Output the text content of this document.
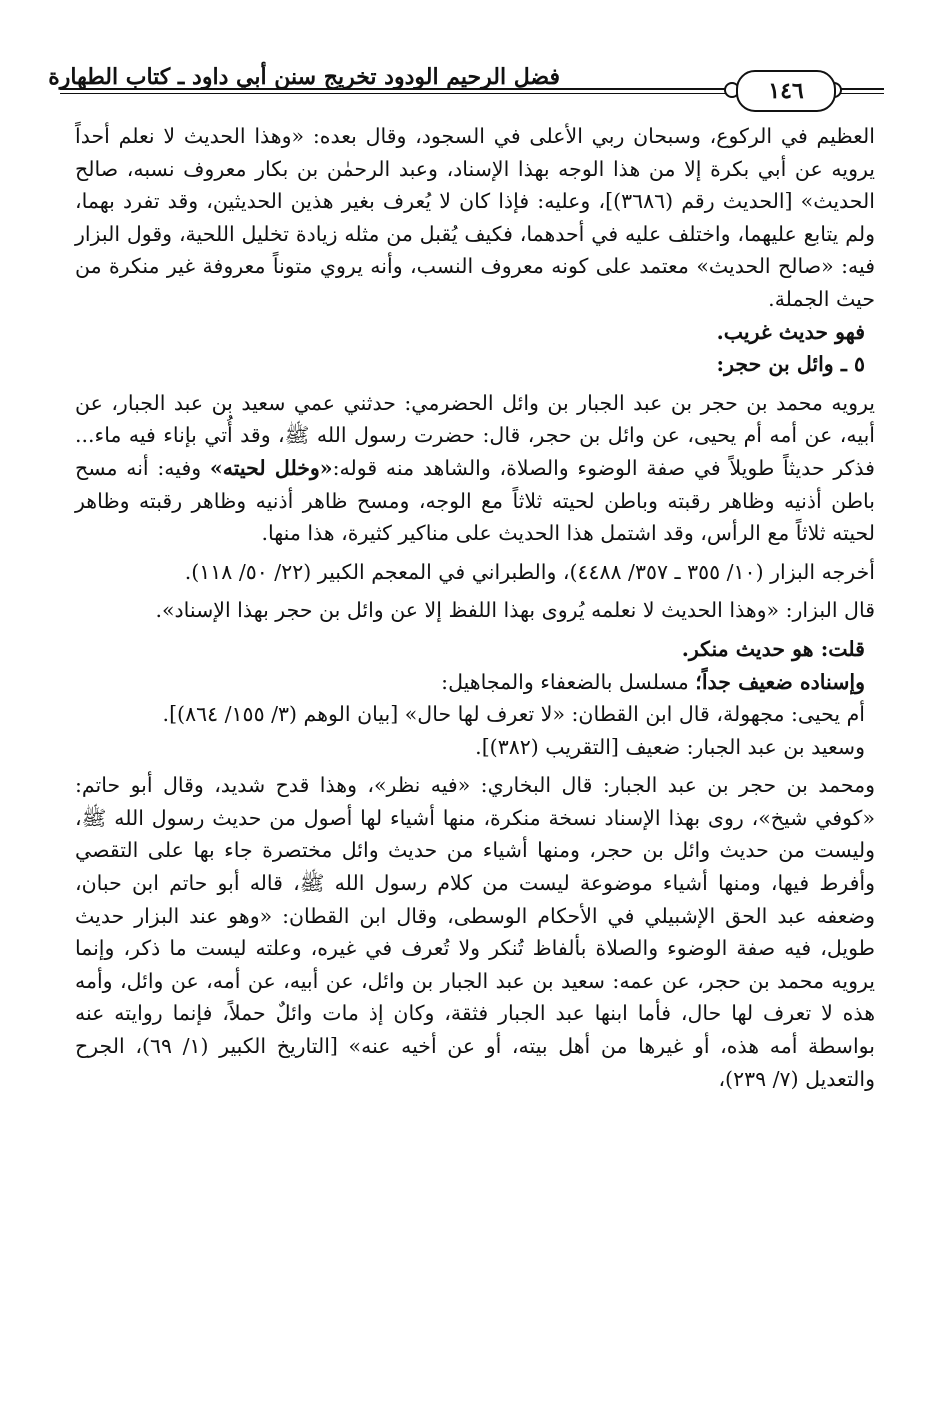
فضل الرحيم الودود تخريج سنن أبي داود ـ كتاب الطهارة
١٤٦

العظيم في الركوع، وسبحان ربي الأعلى في السجود، وقال بعده: «وهذا الحديث لا نعلم أحداً يرويه عن أبي بكرة إلا من هذا الوجه بهذا الإسناد، وعبد الرحمٰن بن بكار معروف نسبه، صالح الحديث» [الحديث رقم (٣٦٨٦)]، وعليه: فإذا كان لا يُعرف بغير هذين الحديثين، وقد تفرد بهما، ولم يتابع عليهما، واختلف عليه في أحدهما، فكيف يُقبل من مثله زيادة تخليل اللحية، وقول البزار فيه: «صالح الحديث» معتمد على كونه معروف النسب، وأنه يروي متوناً معروفة غير منكرة من حيث الجملة.

فهو حديث غريب.

٥ ـ وائل بن حجر:

يرويه محمد بن حجر بن عبد الجبار بن وائل الحضرمي: حدثني عمي سعيد بن عبد الجبار، عن أبيه، عن أمه أم يحيى، عن وائل بن حجر، قال: حضرت رسول الله ﷺ، وقد أُتي بإناء فيه ماء... فذكر حديثاً طويلاً في صفة الوضوء والصلاة، والشاهد منه قوله:«وخلل لحيته» وفيه: أنه مسح باطن أذنيه وظاهر رقبته وباطن لحيته ثلاثاً مع الوجه، ومسح ظاهر أذنيه وظاهر رقبته وظاهر لحيته ثلاثاً مع الرأس، وقد اشتمل هذا الحديث على مناكير كثيرة، هذا منها.

أخرجه البزار (١٠/ ٣٥٥ ـ ٣٥٧/ ٤٤٨٨)، والطبراني في المعجم الكبير (٢٢/ ٥٠/ ١١٨).

قال البزار: «وهذا الحديث لا نعلمه يُروى بهذا اللفظ إلا عن وائل بن حجر بهذا الإسناد».

قلت: هو حديث منكر.

وإسناده ضعيف جداً؛ مسلسل بالضعفاء والمجاهيل:

أم يحيى: مجهولة، قال ابن القطان: «لا تعرف لها حال» [بيان الوهم (٣/ ١٥٥/ ٨٦٤)].

وسعيد بن عبد الجبار: ضعيف [التقريب (٣٨٢)].

ومحمد بن حجر بن عبد الجبار: قال البخاري: «فيه نظر»، وهذا قدح شديد، وقال أبو حاتم: «كوفي شيخ»، روى بهذا الإسناد نسخة منكرة، منها أشياء لها أصول من حديث رسول الله ﷺ، وليست من حديث وائل بن حجر، ومنها أشياء من حديث وائل مختصرة جاء بها على التقصي وأفرط فيها، ومنها أشياء موضوعة ليست من كلام رسول الله ﷺ، قاله أبو حاتم ابن حبان، وضعفه عبد الحق الإشبيلي في الأحكام الوسطى، وقال ابن القطان: «وهو عند البزار حديث طويل، فيه صفة الوضوء والصلاة بألفاظ تُنكر ولا تُعرف في غيره، وعلته ليست ما ذكر، وإنما يرويه محمد بن حجر، عن عمه: سعيد بن عبد الجبار بن وائل، عن أبيه، عن أمه، عن وائل، وأمه هذه لا تعرف لها حال، فأما ابنها عبد الجبار فثقة، وكان إذ مات وائلٌ حملاً، فإنما روايته عنه بواسطة أمه هذه، أو غيرها من أهل بيته، أو عن أخيه عنه» [التاريخ الكبير (١/ ٦٩)، الجرح والتعديل (٧/ ٢٣٩)،
